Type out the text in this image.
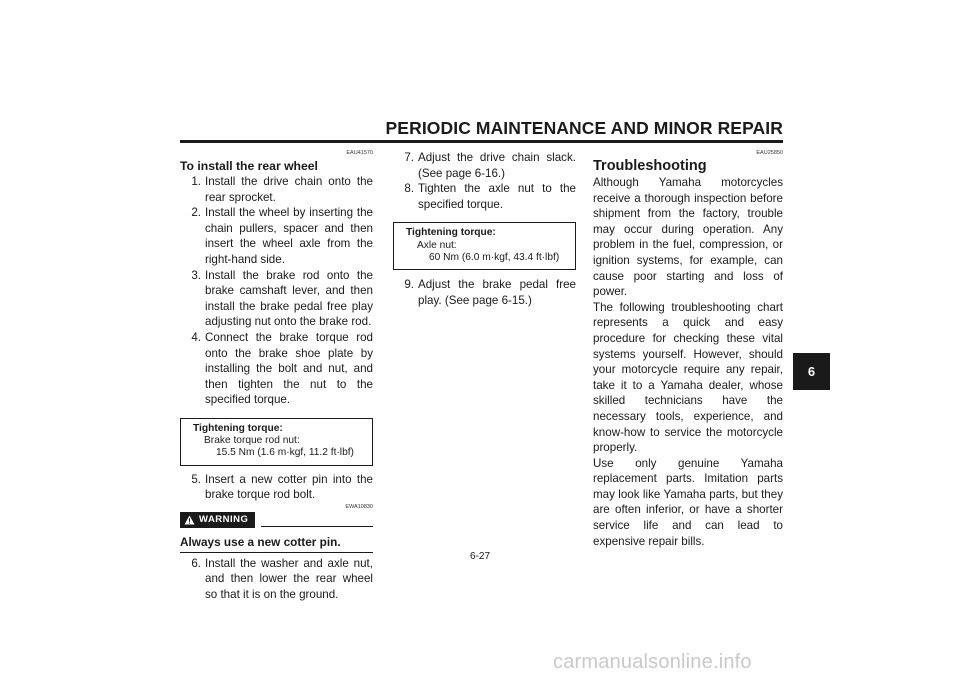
PERIODIC MAINTENANCE AND MINOR REPAIR
EAU41570
To install the rear wheel
1. Install the drive chain onto the rear sprocket.
2. Install the wheel by inserting the chain pullers, spacer and then insert the wheel axle from the right-hand side.
3. Install the brake rod onto the brake camshaft lever, and then install the brake pedal free play adjusting nut onto the brake rod.
4. Connect the brake torque rod onto the brake shoe plate by installing the bolt and nut, and then tighten the nut to the specified torque.
Tightening torque:
Brake torque rod nut:
15.5 Nm (1.6 m·kgf, 11.2 ft·lbf)
5. Insert a new cotter pin into the brake torque rod bolt.
EWA10830
WARNING
Always use a new cotter pin.
6. Install the washer and axle nut, and then lower the rear wheel so that it is on the ground.
7. Adjust the drive chain slack. (See page 6-16.)
8. Tighten the axle nut to the specified torque.
Tightening torque:
Axle nut:
60 Nm (6.0 m·kgf, 43.4 ft·lbf)
9. Adjust the brake pedal free play. (See page 6-15.)
EAU25850
Troubleshooting

Although Yamaha motorcycles receive a thorough inspection before shipment from the factory, trouble may occur during operation. Any problem in the fuel, compression, or ignition systems, for example, can cause poor starting and loss of power.

The following troubleshooting chart represents a quick and easy procedure for checking these vital systems yourself. However, should your motorcycle require any repair, take it to a Yamaha dealer, whose skilled technicians have the necessary tools, experience, and know-how to service the motorcycle properly.

Use only genuine Yamaha replacement parts. Imitation parts may look like Yamaha parts, but they are often inferior, or have a shorter service life and can lead to expensive repair bills.

6
6-27
carmanualsonline.info
